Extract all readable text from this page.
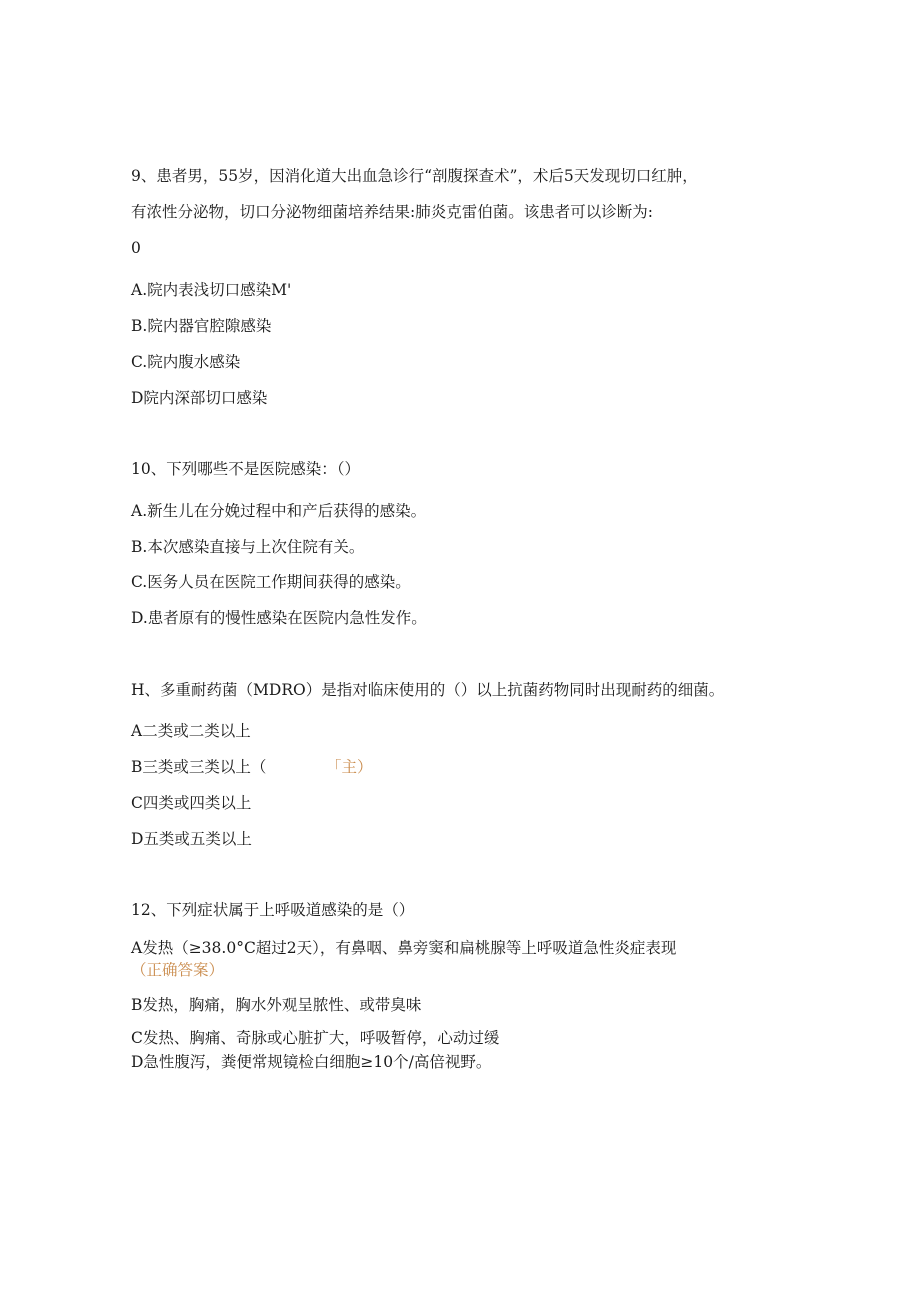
9、患者男，55岁，因消化道大出血急诊行“剖腹探查术”，术后5天发现切口红肿，
有浓性分泌物，切口分泌物细菌培养结果:肺炎克雷伯菌。该患者可以诊断为:
0
A.院内表浅切口感染M'
B.院内器官腔隙感染
C.院内腹水感染
D院内深部切口感染
10、下列哪些不是医院感染：（）
A.新生儿在分娩过程中和产后获得的感染。
B.本次感染直接与上次住院有关。
C.医务人员在医院工作期间获得的感染。
D.患者原有的慢性感染在医院内急性发作。
H、多重耐药菌（MDRO）是指对临床使用的（）以上抗菌药物同时出现耐药的细菌。
A二类或二类以上
B三类或三类以上（	「主）
C四类或四类以上
D五类或五类以上
12、下列症状属于上呼吸道感染的是（）
A发热（≥38.0°C超过2天），有鼻咽、鼻旁窦和扁桃腺等上呼吸道急性炎症表现
（正确答案）
B发热，胸痛，胸水外观呈脓性、或带臭味
C发热、胸痛、奇脉或心脏扩大，呼吸暂停，心动过缓
D急性腹泻，粪便常规镜检白细胞≥10个/高倍视野。
